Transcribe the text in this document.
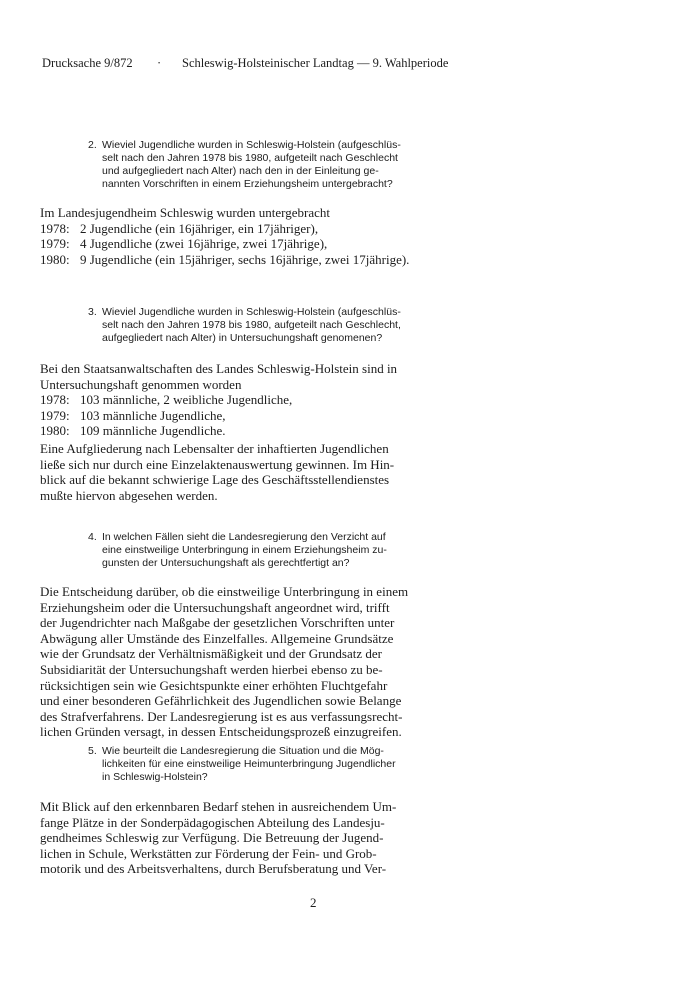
Drucksache 9/872 · Schleswig-Holsteinischer Landtag — 9. Wahlperiode
2. Wieviel Jugendliche wurden in Schleswig-Holstein (aufgeschlüs-
selt nach den Jahren 1978 bis 1980, aufgeteilt nach Geschlecht
und aufgegliedert nach Alter) nach den in der Einleitung ge-
nannten Vorschriften in einem Erziehungsheim untergebracht?
Im Landesjugendheim Schleswig wurden untergebracht
1978: 2 Jugendliche (ein 16jähriger, ein 17jähriger),
1979: 4 Jugendliche (zwei 16jährige, zwei 17jährige),
1980: 9 Jugendliche (ein 15jähriger, sechs 16jährige, zwei 17jährige).
3. Wieviel Jugendliche wurden in Schleswig-Holstein (aufgeschlüs-
selt nach den Jahren 1978 bis 1980, aufgeteilt nach Geschlecht,
aufgegliedert nach Alter) in Untersuchungshaft genomenen?
Bei den Staatsanwaltschaften des Landes Schleswig-Holstein sind in
Untersuchungshaft genommen worden
1978: 103 männliche, 2 weibliche Jugendliche,
1979: 103 männliche Jugendliche,
1980: 109 männliche Jugendliche.
Eine Aufgliederung nach Lebensalter der inhaftierten Jugendlichen
ließe sich nur durch eine Einzelaktenauswertung gewinnen. Im Hin-
blick auf die bekannt schwierige Lage des Geschäftsstellendienstes
mußte hiervon abgesehen werden.
4. In welchen Fällen sieht die Landesregierung den Verzicht auf
eine einstweilige Unterbringung in einem Erziehungsheim zu-
gunsten der Untersuchungshaft als gerechtfertigt an?
Die Entscheidung darüber, ob die einstweilige Unterbringung in einem
Erziehungsheim oder die Untersuchungshaft angeordnet wird, trifft
der Jugendrichter nach Maßgabe der gesetzlichen Vorschriften unter
Abwägung aller Umstände des Einzelfalles. Allgemeine Grundsätze
wie der Grundsatz der Verhältnismäßigkeit und der Grundsatz der
Subsidiarität der Untersuchungshaft werden hierbei ebenso zu be-
rücksichtigen sein wie Gesichtspunkte einer erhöhten Fluchtgefahr
und einer besonderen Gefährlichkeit des Jugendlichen sowie Belange
des Strafverfahrens. Der Landesregierung ist es aus verfassungsrecht-
lichen Gründen versagt, in dessen Entscheidungsprozeß einzugreifen.
5. Wie beurteilt die Landesregierung die Situation und die Mög-
lichkeiten für eine einstweilige Heimunterbringung Jugendlicher
in Schleswig-Holstein?
Mit Blick auf den erkennbaren Bedarf stehen in ausreichendem Um-
fange Plätze in der Sonderpädagogischen Abteilung des Landesju-
gendheimes Schleswig zur Verfügung. Die Betreuung der Jugend-
lichen in Schule, Werkstätten zur Förderung der Fein- und Grob-
motorik und des Arbeitsverhaltens, durch Berufsberatung und Ver-
2
